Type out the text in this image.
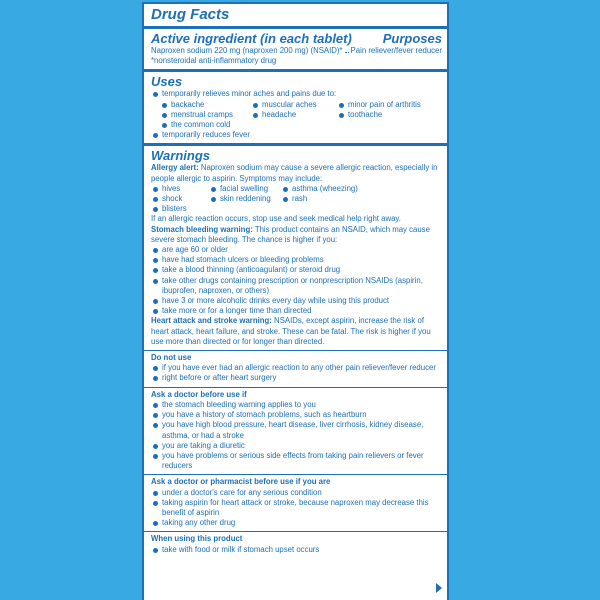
Drug Facts
Active ingredient (in each tablet) Purposes
Naproxen sodium 220 mg (naproxen 200 mg) (NSAID)* Pain reliever/fever reducer
*nonsteroidal anti-inflammatory drug
Uses
temporarily relieves minor aches and pains due to:
backache	muscular aches	minor pain of arthritis
menstrual cramps	headache	toothache
the common cold
temporarily reduces fever
Warnings
Allergy alert: Naproxen sodium may cause a severe allergic reaction, especially in people allergic to aspirin. Symptoms may include:
hives	facial swelling	asthma (wheezing)
shock	skin reddening	rash
blisters
If an allergic reaction occurs, stop use and seek medical help right away.
Stomach bleeding warning: This product contains an NSAID, which may cause severe stomach bleeding. The chance is higher if you:
are age 60 or older
have had stomach ulcers or bleeding problems
take a blood thinning (anticoagulant) or steroid drug
take other drugs containing prescription or nonprescription NSAIDs (aspirin, ibuprofen, naproxen, or others)
have 3 or more alcoholic drinks every day while using this product
take more or for a longer time than directed
Heart attack and stroke warning: NSAIDs, except aspirin, increase the risk of heart attack, heart failure, and stroke. These can be fatal. The risk is higher if you use more than directed or for longer than directed.
Do not use
if you have ever had an allergic reaction to any other pain reliever/fever reducer
right before or after heart surgery
Ask a doctor before use if
the stomach bleeding warning applies to you
you have a history of stomach problems, such as heartburn
you have high blood pressure, heart disease, liver cirrhosis, kidney disease, asthma, or had a stroke
you are taking a diuretic
you have problems or serious side effects from taking pain relievers or fever reducers
Ask a doctor or pharmacist before use if you are
under a doctor's care for any serious condition
taking aspirin for heart attack or stroke, because naproxen may decrease this benefit of aspirin
taking any other drug
When using this product
take with food or milk if stomach upset occurs
